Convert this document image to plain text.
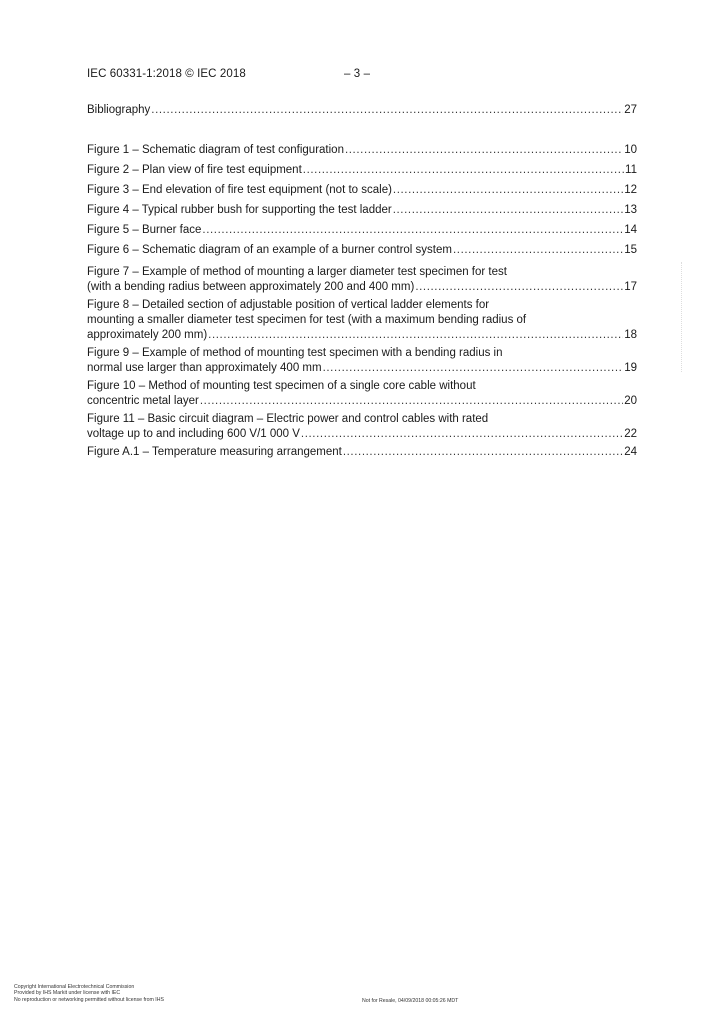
IEC 60331-1:2018 © IEC 2018	– 3 –
Bibliography .....	27
Figure 1 – Schematic diagram of test configuration .....	10
Figure 2 – Plan view of fire test equipment .....	11
Figure 3 – End elevation of fire test equipment (not to scale) .....	12
Figure 4 – Typical rubber bush for supporting the test ladder .....	13
Figure 5 – Burner face .....	14
Figure 6 – Schematic diagram of an example of a burner control system .....	15
Figure 7 – Example of method of mounting a larger diameter test specimen for test
(with a bending radius between approximately 200 and 400 mm) .....	17
Figure 8 – Detailed section of adjustable position of vertical ladder elements for
mounting a smaller diameter test specimen for test (with a maximum bending radius of
approximately 200 mm) .....	18
Figure 9 – Example of method of mounting test specimen with a bending radius in
normal use larger than approximately 400 mm .....	19
Figure 10 – Method of mounting test specimen of a single core cable without
concentric metal layer .....	20
Figure 11 – Basic circuit diagram – Electric power and control cables with rated
voltage up to and including 600 V/1 000 V .....	22
Figure A.1 – Temperature measuring arrangement .....	24
Copyright International Electrotechnical Commission
Provided by IHS Markit under license with IEC
No reproduction or networking permitted without license from IHS	Not for Resale, 04/09/2018 00:05:26 MDT
